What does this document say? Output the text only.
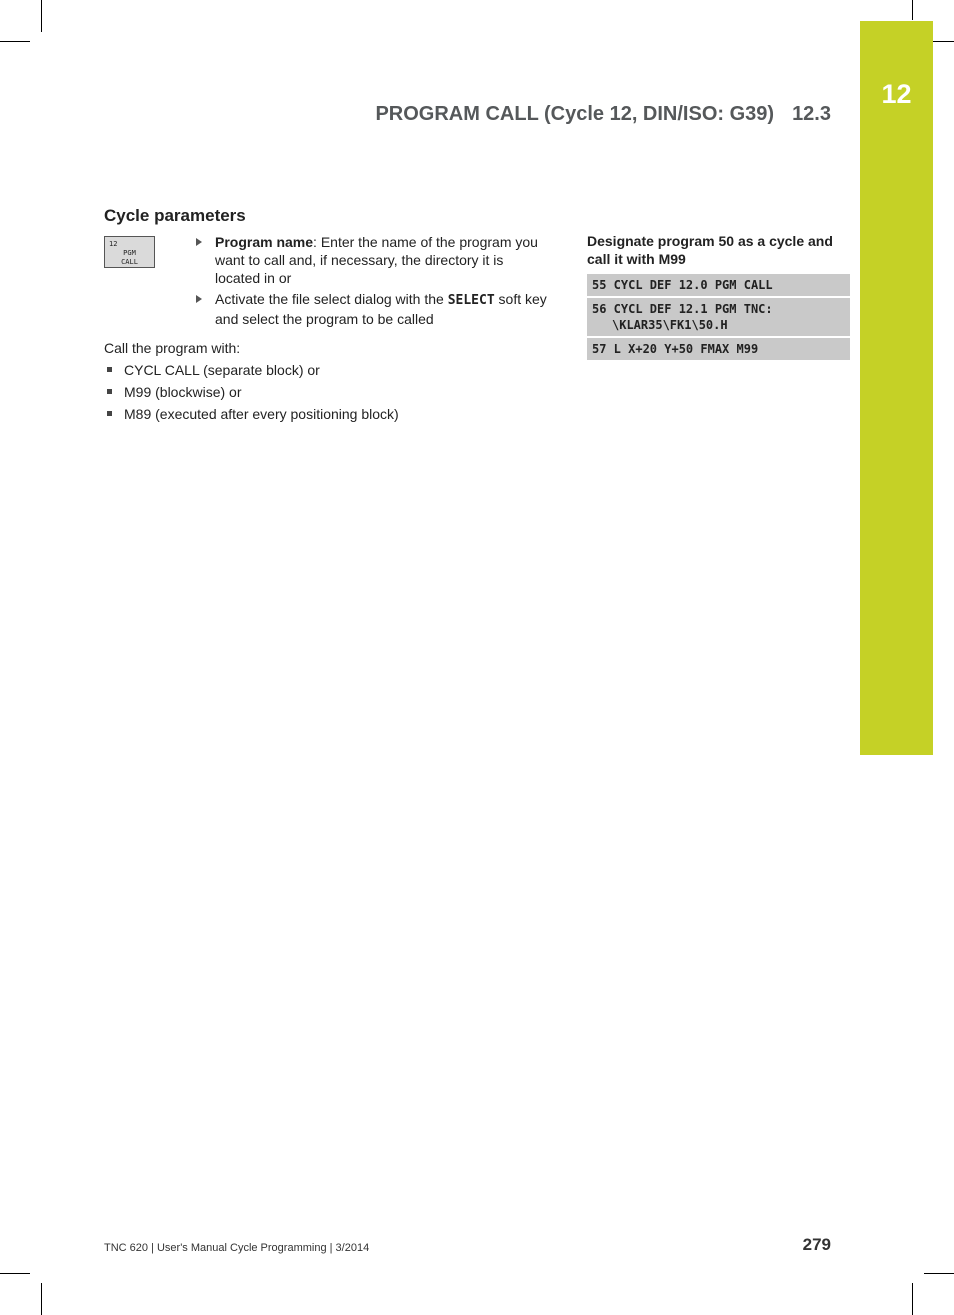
12
PROGRAM CALL (Cycle 12, DIN/ISO: G39) 12.3
Cycle parameters
12
PGM
CALL
Program name: Enter the name of the program you want to call and, if necessary, the directory it is located in or
Activate the file select dialog with the SELECT soft key and select the program to be called
Call the program with:
CYCL CALL (separate block) or
M99 (blockwise) or
M89 (executed after every positioning block)
Designate program 50 as a cycle and call it with M99
55 CYCL DEF 12.0 PGM CALL
56 CYCL DEF 12.1 PGM TNC:
\KLAR35\FK1\50.H
57 L X+20 Y+50 FMAX M99
TNC 620 | User's Manual Cycle Programming | 3/2014	279
